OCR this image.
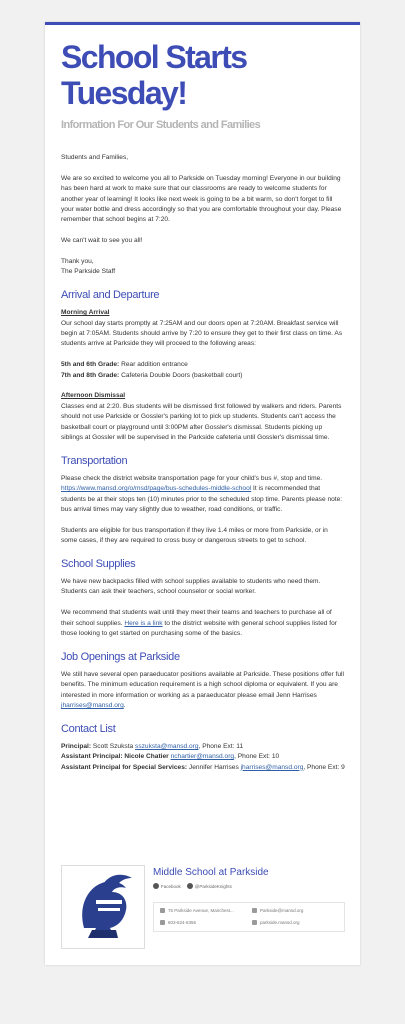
School Starts Tuesday!
Information For Our Students and Families

Students and Families,

We are so excited to welcome you all to Parkside on Tuesday morning! Everyone in our building has been hard at work to make sure that our classrooms are ready to welcome students for another year of learning! It looks like next week is going to be a bit warm, so don't forget to fill your water bottle and dress accordingly so that you are comfortable throughout your day. Please remember that school begins at 7:20.

We can't wait to see you all!

Thank you,
The Parkside Staff

Arrival and Departure

Morning Arrival
Our school day starts promptly at 7:25AM and our doors open at 7:20AM. Breakfast service will begin at 7:05AM. Students should arrive by 7:20 to ensure they get to their first class on time. As students arrive at Parkside they will proceed to the following areas:

5th and 6th Grade: Rear addition entrance
7th and 8th Grade: Cafeteria Double Doors (basketball court)

Afternoon Dismissal
Classes end at 2:20. Bus students will be dismissed first followed by walkers and riders. Parents should not use Parkside or Gossler's parking lot to pick up students. Students can't access the basketball court or playground until 3:00PM after Gossler's dismissal. Students picking up siblings at Gossler will be supervised in the Parkside cafeteria until Gossler's dismissal time.

Transportation

Please check the district website transportation page for your child's bus #, stop and time. https://www.mansd.org/o/msd/page/bus-schedules-middle-school It is recommended that students be at their stops ten (10) minutes prior to the scheduled stop time. Parents please note: bus arrival times may vary slightly due to weather, road conditions, or traffic.

Students are eligible for bus transportation if they live 1.4 miles or more from Parkside, or in some cases, if they are required to cross busy or dangerous streets to get to school.

School Supplies

We have new backpacks filled with school supplies available to students who need them. Students can ask their teachers, school counselor or social worker.

We recommend that students wait until they meet their teams and teachers to purchase all of their school supplies. Here is a link to the district website with general school supplies listed for those looking to get started on purchasing some of the basics.

Job Openings at Parkside

We still have several open paraeducator positions available at Parkside. These positions offer full benefits. The minimum education requirement is a high school diploma or equivalent. If you are interested in more information or working as a paraeducator please email Jenn Harrises jharrises@mansd.org.

Contact List

Principal: Scott Szuksta sszuksta@mansd.org, Phone Ext: 11
Assistant Principal: Nicole Chatier nchartier@mansd.org, Phone Ext: 10
Assistant Principal for Special Services: Jennifer Harrises jharrises@mansd.org, Phone Ext: 9

Middle School at Parkside
Facebook	@ParksideKnights
75 Parkside Avenue, Manchest...	Parkside@mansd.org
603-624-6356	parkside.mansd.org
